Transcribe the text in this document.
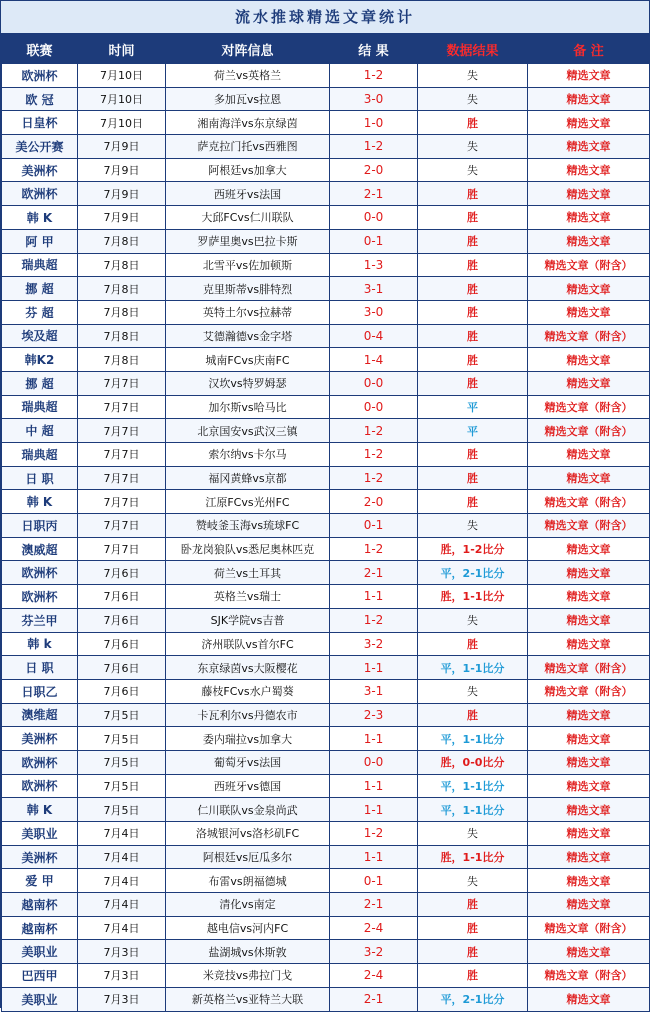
流水推球精选文章统计
联赛	时间	对阵信息	结 果	数据结果	备 注
欧洲杯	7月10日	荷兰vs英格兰	1-2	失	精选文章
欧 冠	7月10日	多加瓦vs拉恩	3-0	失	精选文章
日皇杯	7月10日	湘南海洋vs东京绿茵	1-0	胜	精选文章
美公开赛	7月9日	萨克拉门托vs西雅图	1-2	失	精选文章
美洲杯	7月9日	阿根廷vs加拿大	2-0	失	精选文章
欧洲杯	7月9日	西班牙vs法国	2-1	胜	精选文章
韩 K	7月9日	大邱FCvs仁川联队	0-0	胜	精选文章
阿 甲	7月8日	罗萨里奥vs巴拉卡斯	0-1	胜	精选文章
瑞典超	7月8日	北雪平vs佐加顿斯	1-3	胜	精选文章（附含）
挪 超	7月8日	克里斯蒂vs腓特烈	3-1	胜	精选文章
芬 超	7月8日	英特土尔vs拉赫蒂	3-0	胜	精选文章
埃及超	7月8日	艾德瀚德vs金字塔	0-4	胜	精选文章（附含）
韩K2	7月8日	城南FCvs庆南FC	1-4	胜	精选文章
挪 超	7月7日	汉坎vs特罗姆瑟	0-0	胜	精选文章
瑞典超	7月7日	加尔斯vs哈马比	0-0	平	精选文章（附含）
中 超	7月7日	北京国安vs武汉三镇	1-2	平	精选文章（附含）
瑞典超	7月7日	索尔纳vs卡尔马	1-2	胜	精选文章
日 职	7月7日	福冈黄蜂vs京都	1-2	胜	精选文章
韩 K	7月7日	江原FCvs光州FC	2-0	胜	精选文章（附含）
日职丙	7月7日	赞岐釜玉海vs琉球FC	0-1	失	精选文章（附含）
澳威超	7月7日	卧龙岗狼队vs悉尼奥林匹克	1-2	胜，1-2比分	精选文章
欧洲杯	7月6日	荷兰vs土耳其	2-1	平，2-1比分	精选文章
欧洲杯	7月6日	英格兰vs瑞士	1-1	胜，1-1比分	精选文章
芬兰甲	7月6日	SJK学院vs吉普	1-2	失	精选文章
韩 k	7月6日	济州联队vs首尔FC	3-2	胜	精选文章
日 职	7月6日	东京绿茵vs大阪樱花	1-1	平，1-1比分	精选文章（附含）
日职乙	7月6日	藤枝FCvs水户蜀葵	3-1	失	精选文章（附含）
澳维超	7月5日	卡瓦利尔vs丹德农市	2-3	胜	精选文章
美洲杯	7月5日	委内瑞拉vs加拿大	1-1	平，1-1比分	精选文章
欧洲杯	7月5日	葡萄牙vs法国	0-0	胜，0-0比分	精选文章
欧洲杯	7月5日	西班牙vs德国	1-1	平，1-1比分	精选文章
韩 K	7月5日	仁川联队vs金泉尚武	1-1	平，1-1比分	精选文章
美职业	7月4日	洛城银河vs洛杉矶FC	1-2	失	精选文章
美洲杯	7月4日	阿根廷vs厄瓜多尔	1-1	胜，1-1比分	精选文章
爱 甲	7月4日	布雷vs朗福德城	0-1	失	精选文章
越南杯	7月4日	清化vs南定	2-1	胜	精选文章
越南杯	7月4日	越电信vs河内FC	2-4	胜	精选文章（附含）
美职业	7月3日	盐湖城vs休斯敦	3-2	胜	精选文章
巴西甲	7月3日	米竞技vs弗拉门戈	2-4	胜	精选文章（附含）
美职业	7月3日	新英格兰vs亚特兰大联	2-1	平，2-1比分	精选文章
